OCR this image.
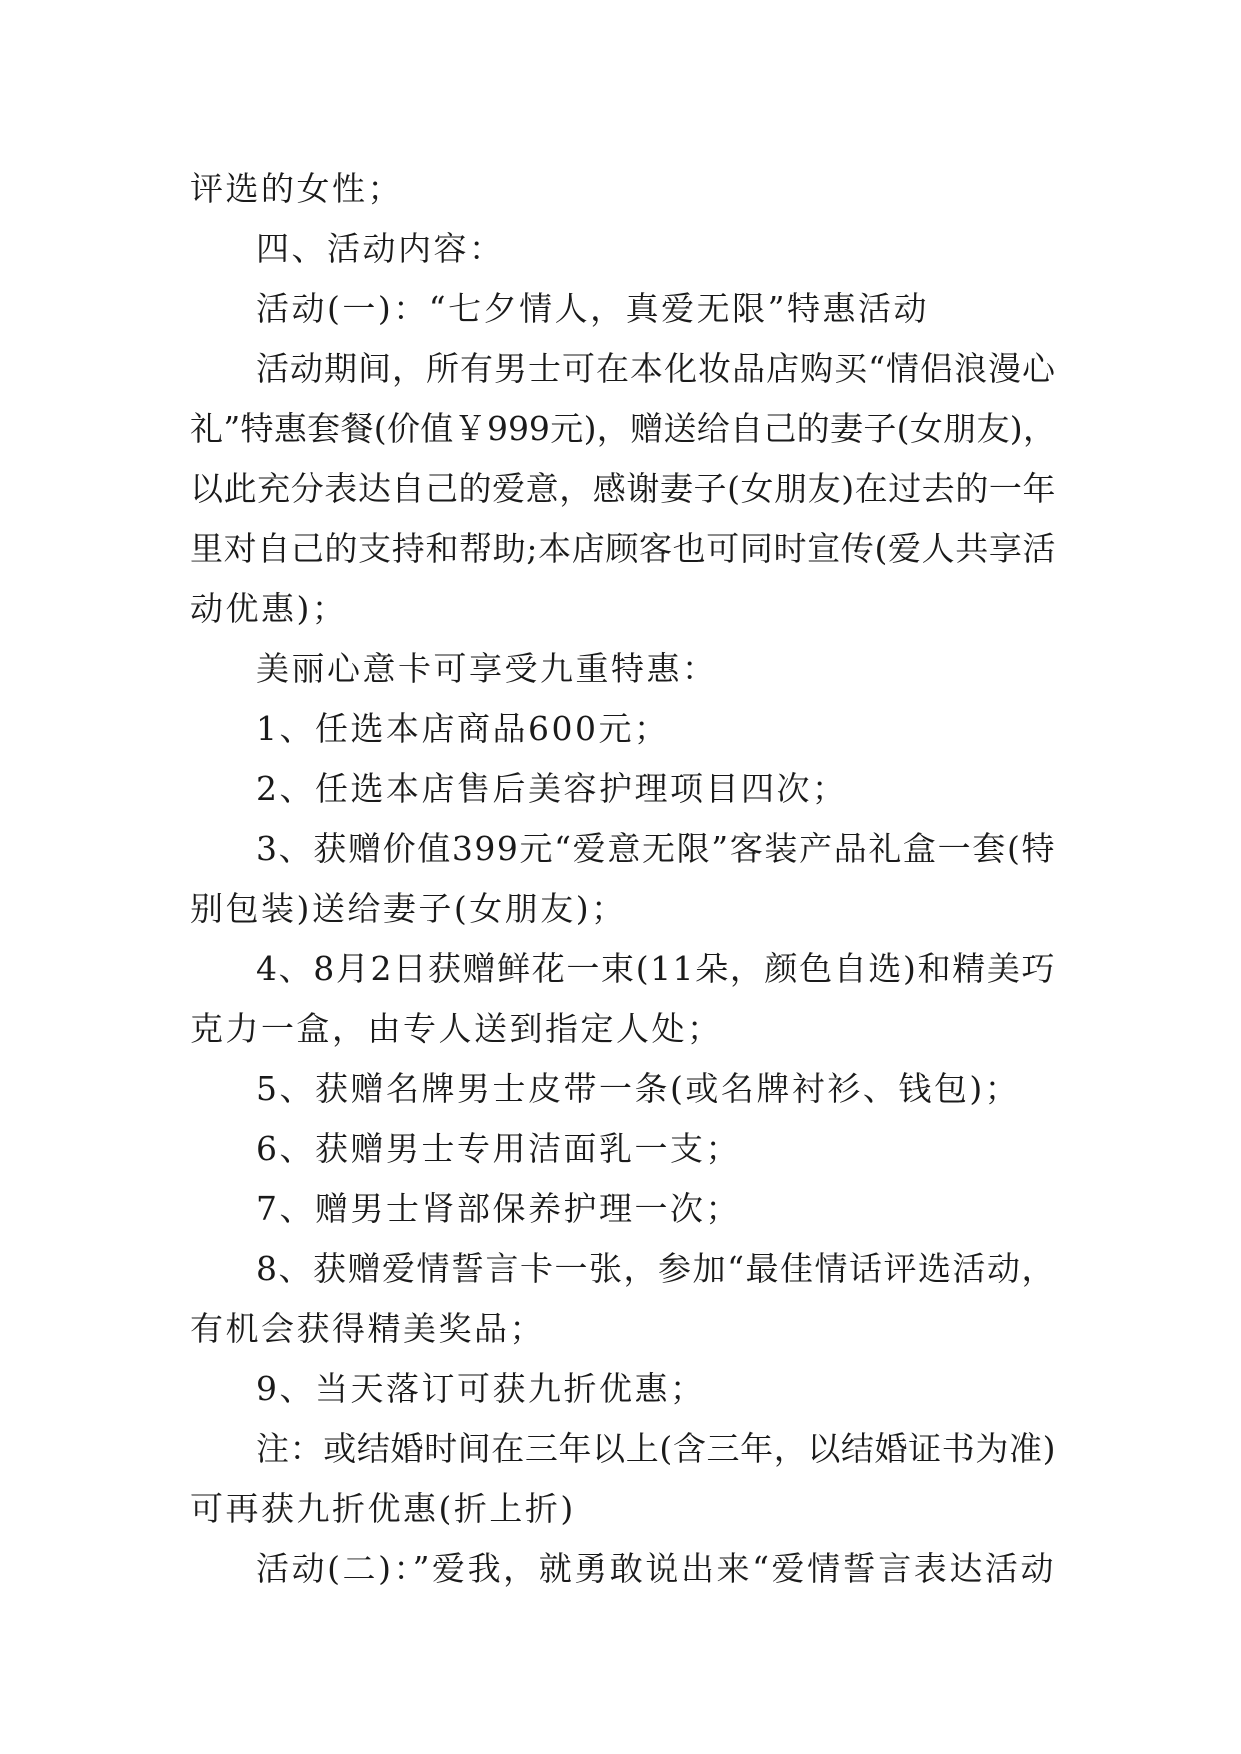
评选的女性；

四、活动内容：

活动(一)：“七夕情人，真爱无限”特惠活动

活动期间，所有男士可在本化妆品店购买“情侣浪漫心

礼”特惠套餐(价值￥999元)，赠送给自己的妻子(女朋友)，

以此充分表达自己的爱意，感谢妻子(女朋友)在过去的一年

里对自己的支持和帮助;本店顾客也可同时宣传(爱人共享活

动优惠)；

美丽心意卡可享受九重特惠：

1、任选本店商品600元；

2、任选本店售后美容护理项目四次；

3、获赠价值399元“爱意无限”客装产品礼盒一套(特

别包装)送给妻子(女朋友)；

4、8月2日获赠鲜花一束(11朵，颜色自选)和精美巧

克力一盒，由专人送到指定人处；

5、获赠名牌男士皮带一条(或名牌衬衫、钱包)；

6、获赠男士专用洁面乳一支；

7、赠男士肾部保养护理一次；

8、获赠爱情誓言卡一张，参加“最佳情话评选活动，

有机会获得精美奖品；

9、当天落订可获九折优惠；

注：或结婚时间在三年以上(含三年，以结婚证书为准)

可再获九折优惠(折上折)

活动(二)：”爱我，就勇敢说出来“爱情誓言表达活动
